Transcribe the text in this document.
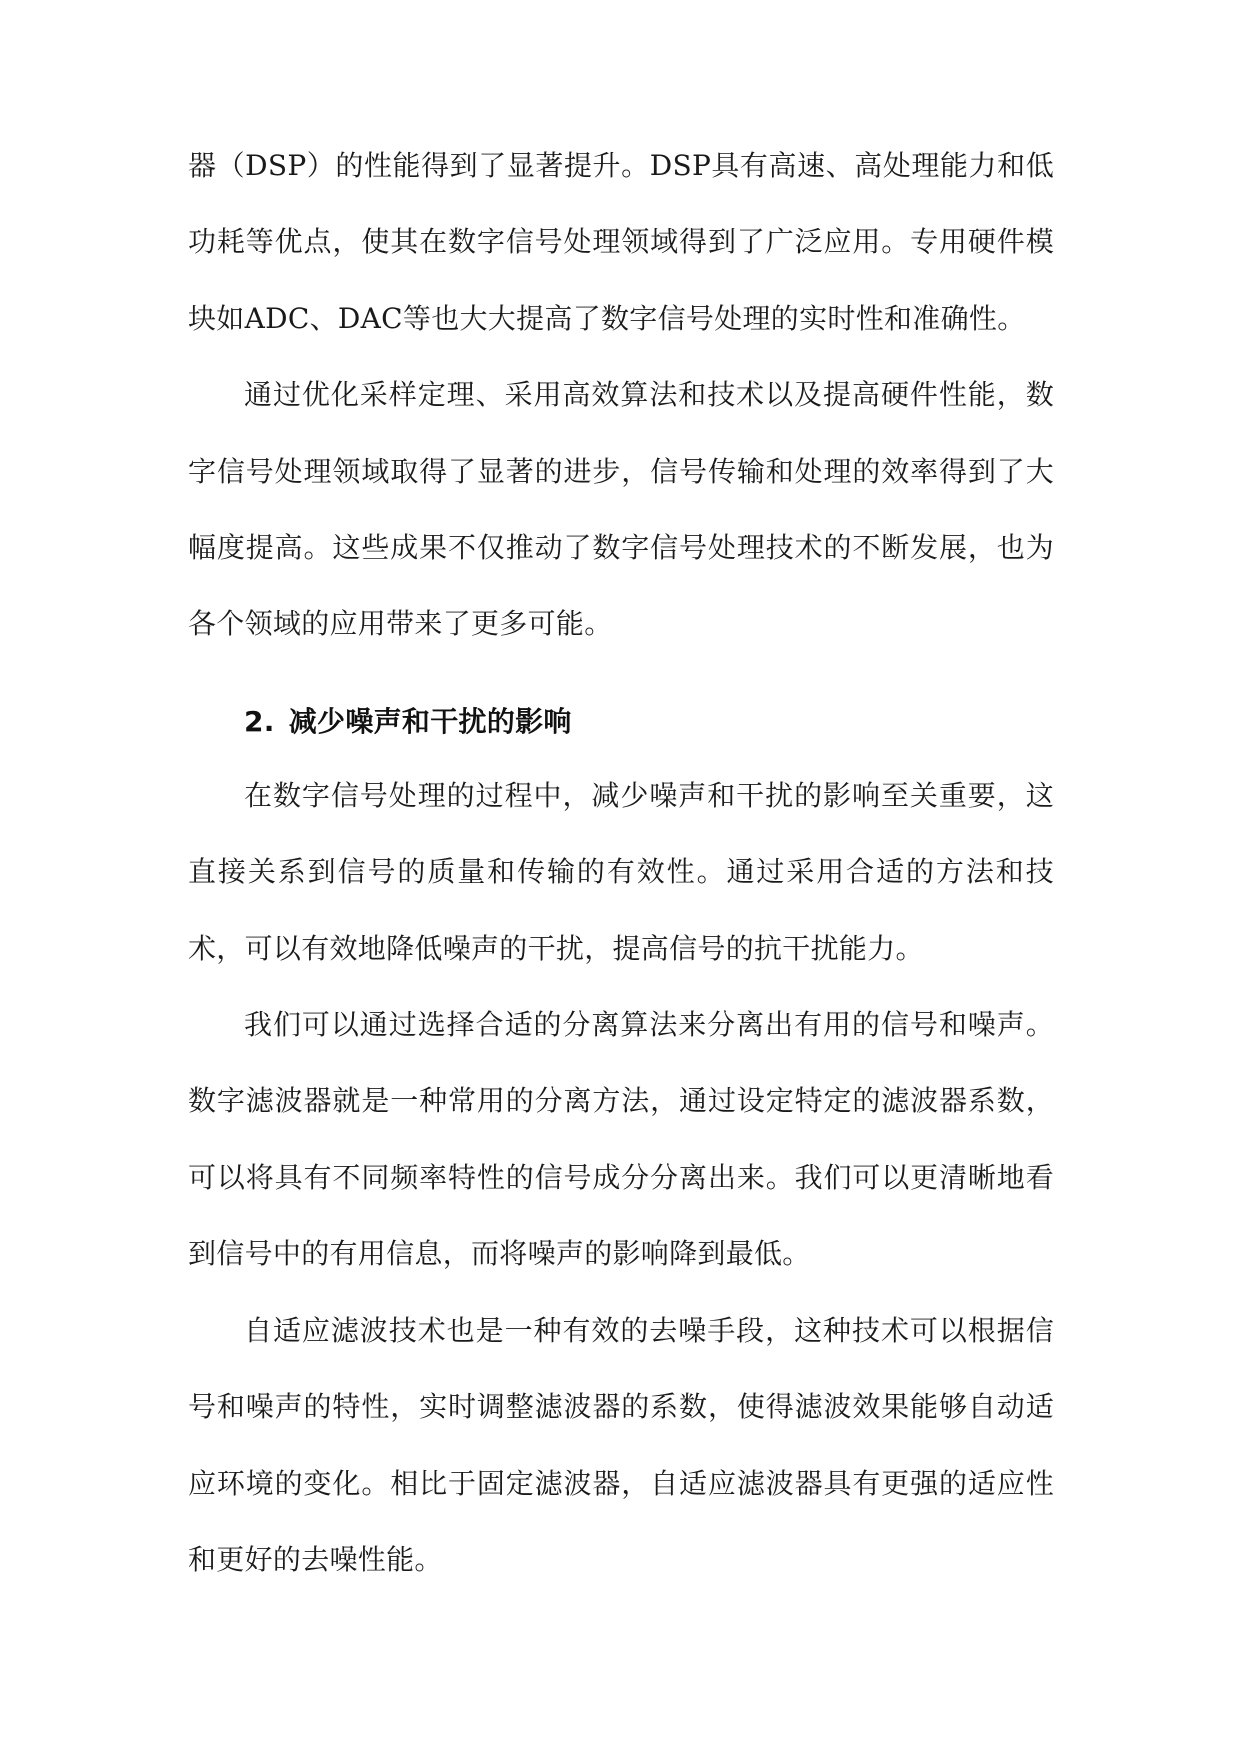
器（DSP）的性能得到了显著提升。DSP具有高速、高处理能力和低功耗等优点，使其在数字信号处理领域得到了广泛应用。专用硬件模块如ADC、DAC等也大大提高了数字信号处理的实时性和准确性。

通过优化采样定理、采用高效算法和技术以及提高硬件性能，数字信号处理领域取得了显著的进步，信号传输和处理的效率得到了大幅度提高。这些成果不仅推动了数字信号处理技术的不断发展，也为各个领域的应用带来了更多可能。

2. 减少噪声和干扰的影响

在数字信号处理的过程中，减少噪声和干扰的影响至关重要，这直接关系到信号的质量和传输的有效性。通过采用合适的方法和技术，可以有效地降低噪声的干扰，提高信号的抗干扰能力。

我们可以通过选择合适的分离算法来分离出有用的信号和噪声。数字滤波器就是一种常用的分离方法，通过设定特定的滤波器系数，可以将具有不同频率特性的信号成分分离出来。我们可以更清晰地看到信号中的有用信息，而将噪声的影响降到最低。

自适应滤波技术也是一种有效的去噪手段，这种技术可以根据信号和噪声的特性，实时调整滤波器的系数，使得滤波效果能够自动适应环境的变化。相比于固定滤波器，自适应滤波器具有更强的适应性和更好的去噪性能。
